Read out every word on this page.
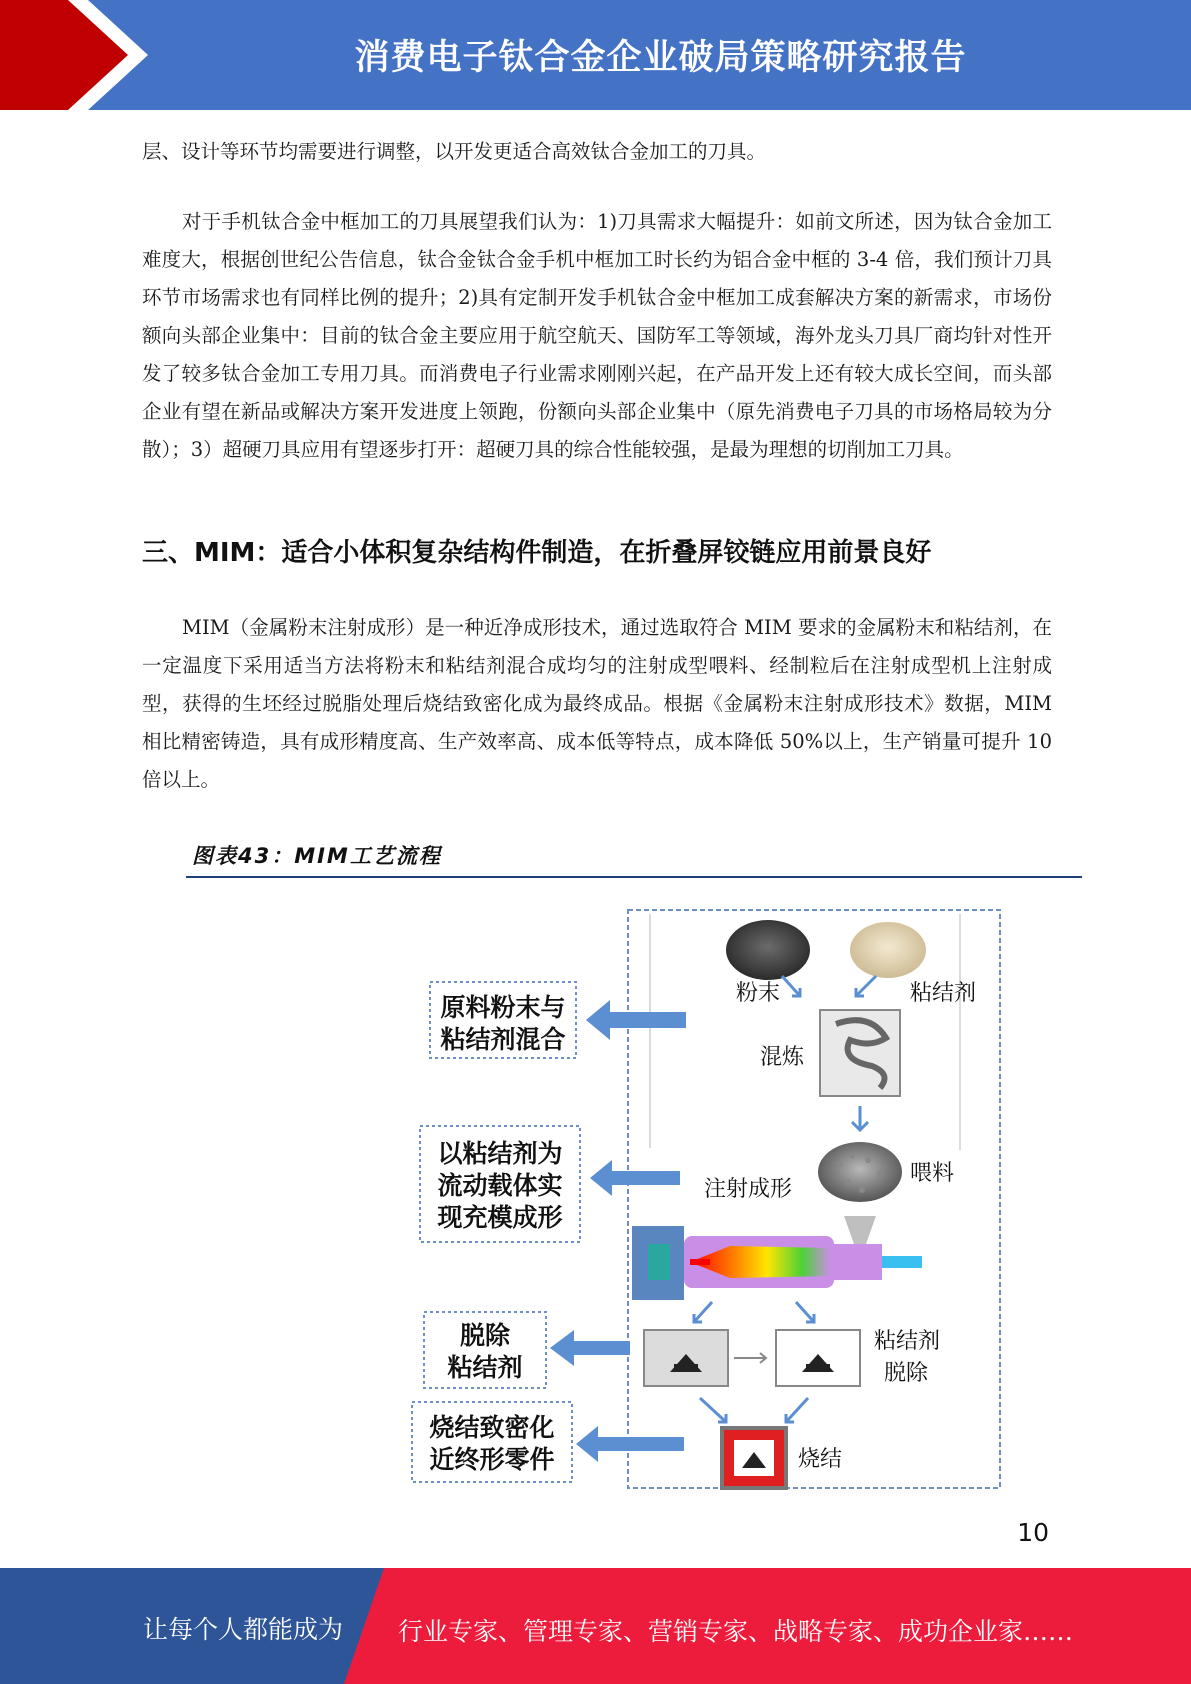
消费电子钛合金企业破局策略研究报告

层、设计等环节均需要进行调整，以开发更适合高效钛合金加工的刀具。

对于手机钛合金中框加工的刀具展望我们认为：1)刀具需求大幅提升：如前文所述，因为钛合金加工难度大，根据创世纪公告信息，钛合金钛合金手机中框加工时长约为铝合金中框的 3-4 倍，我们预计刀具环节市场需求也有同样比例的提升；2)具有定制开发手机钛合金中框加工成套解决方案的新需求，市场份额向头部企业集中：目前的钛合金主要应用于航空航天、国防军工等领域，海外龙头刀具厂商均针对性开发了较多钛合金加工专用刀具。而消费电子行业需求刚刚兴起，在产品开发上还有较大成长空间，而头部企业有望在新品或解决方案开发进度上领跑，份额向头部企业集中（原先消费电子刀具的市场格局较为分散）；3）超硬刀具应用有望逐步打开：超硬刀具的综合性能较强，是最为理想的切削加工刀具。

三、MIM：适合小体积复杂结构件制造，在折叠屏铰链应用前景良好

MIM（金属粉末注射成形）是一种近净成形技术，通过选取符合 MIM 要求的金属粉末和粘结剂，在一定温度下采用适当方法将粉末和粘结剂混合成均匀的注射成型喂料、经制粒后在注射成型机上注射成型，获得的生坯经过脱脂处理后烧结致密化成为最终成品。根据《金属粉末注射成形技术》数据，MIM 相比精密铸造，具有成形精度高、生产效率高、成本低等特点，成本降低 50%以上，生产销量可提升 10 倍以上。

图表43：MIM工艺流程
原料粉末与
粘结剂混合
以粘结剂为
流动载体实
现充模成形
脱除
粘结剂
烧结致密化
近终形零件
粉末	粘结剂
混炼
喂料
注射成形
粘结剂
脱除
烧结
10
让每个人都能成为 行业专家、管理专家、营销专家、战略专家、成功企业家……
